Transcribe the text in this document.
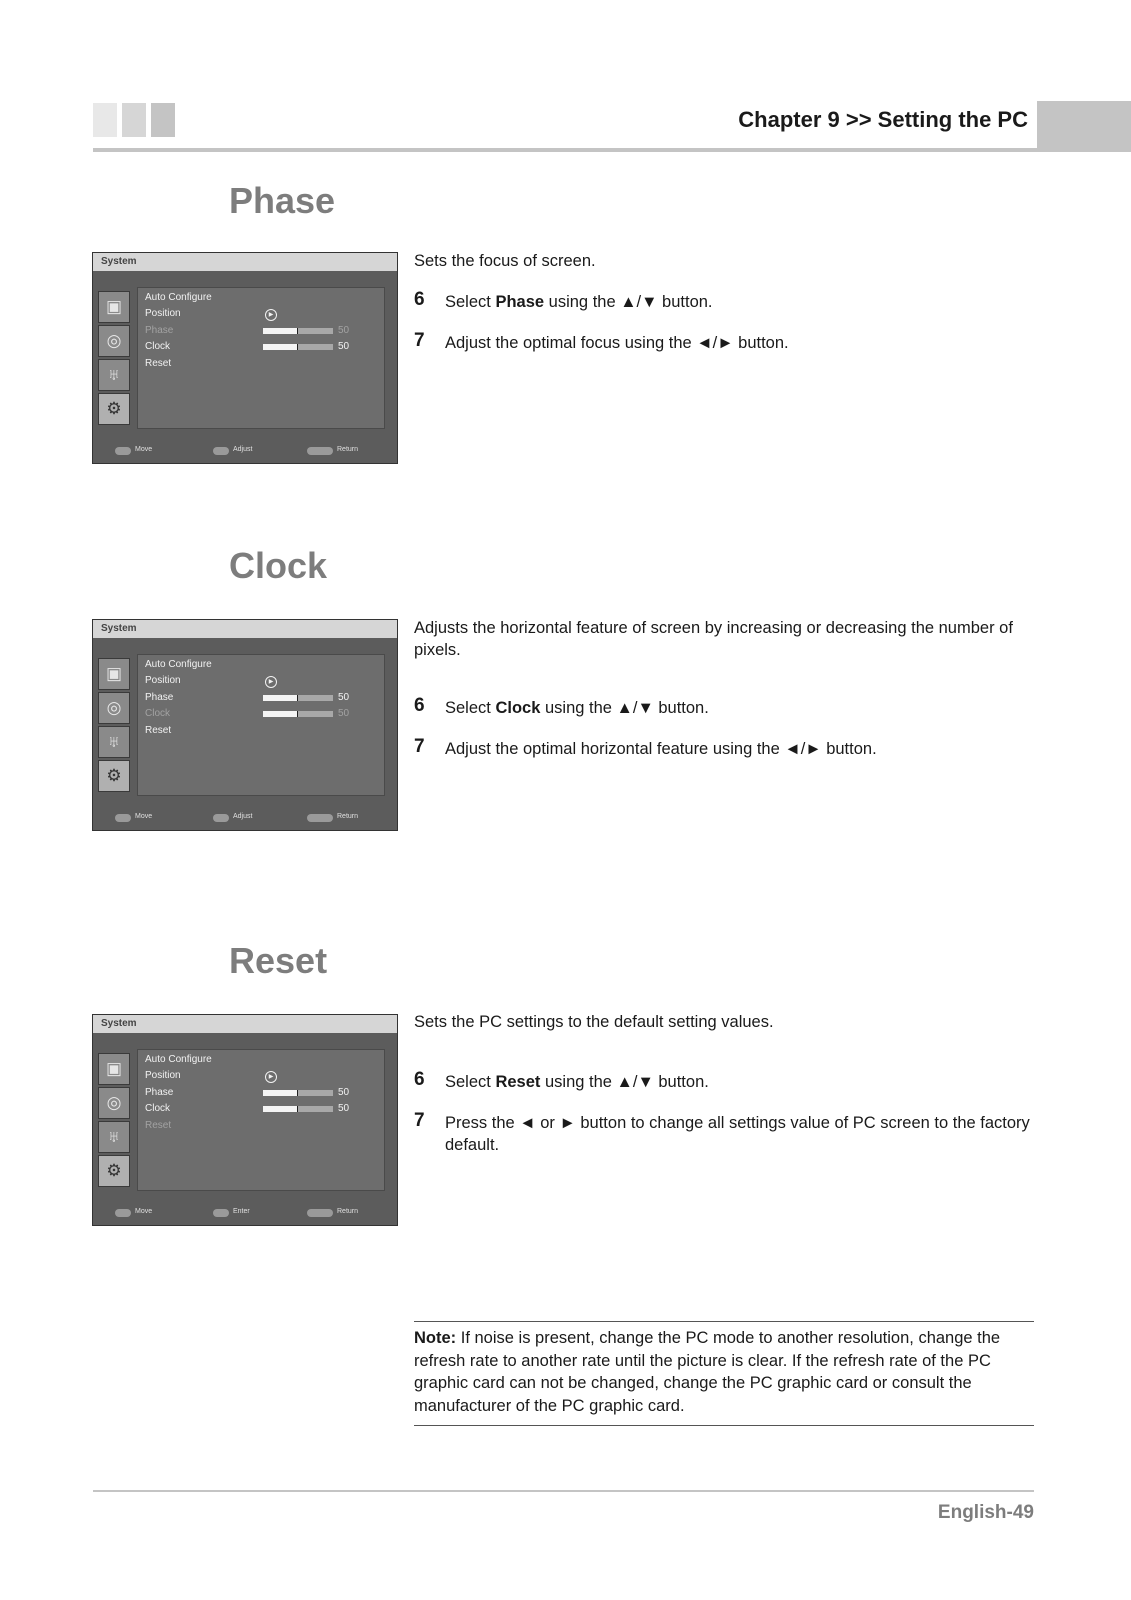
Chapter 9 >> Setting the PC
Phase
System
▣
◎
♅
⚙
Auto Configure
Position	▶
Phase	50
Clock	50
Reset
Move	Adjust	Return
Sets the focus of screen.
6 Select Phase using the ▲/▼ button.
7 Adjust the optimal focus using the ◄/► button.
Clock
System
▣
◎
♅
⚙
Auto Configure
Position	▶
Phase	50
Clock	50
Reset
Move	Adjust	Return
Adjusts the horizontal feature of screen by increasing or decreasing the number of pixels.
6 Select Clock using the ▲/▼ button.
7 Adjust the optimal horizontal feature using the ◄/► button.
Reset
System
▣
◎
♅
⚙
Auto Configure
Position	▶
Phase	50
Clock	50
Reset
Move	Enter	Return
Sets the PC settings to the default setting values.
6 Select Reset using the ▲/▼ button.
7 Press the ◄ or ► button to change all settings value of PC screen to the factory default.
Note: If noise is present, change the PC mode to another resolution, change the refresh rate to another rate until the picture is clear. If the refresh rate of the PC graphic card can not be changed, change the PC graphic card or consult the manufacturer of the PC graphic card.
English-49
